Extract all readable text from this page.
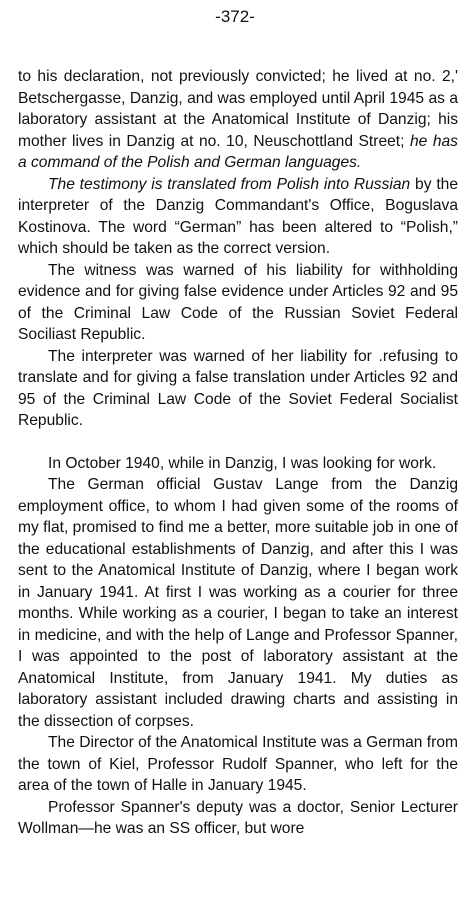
-372-

to his declaration, not previously convicted; he lived at no. 2,' Betschergasse, Danzig, and was employed until April 1945 as a laboratory assistant at the Anatomical Institute of Danzig; his mother lives in Danzig at no. 10, Neuschottland Street; he has a command of the Polish and German languages.

The testimony is translated from Polish into Russian by the interpreter of the Danzig Commandant's Office, Boguslava Kostinova. The word “German” has been altered to “Polish,” which should be taken as the correct version.

The witness was warned of his liability for withholding evidence and for giving false evidence under Articles 92 and 95 of the Criminal Law Code of the Russian Soviet Federal Sociliast Republic.

The interpreter was warned of her liability for .refusing to translate and for giving a false translation under Articles 92 and 95 of the Criminal Law Code of the Soviet Federal Socialist Republic.

In October 1940, while in Danzig, I was looking for work.

The German official Gustav Lange from the Danzig employment office, to whom I had given some of the rooms of my flat, promised to find me a better, more suitable job in one of the educational establishments of Danzig, and after this I was sent to the Anatomical Institute of Danzig, where I began work in January 1941. At first I was working as a courier for three months. While working as a courier, I began to take an interest in medicine, and with the help of Lange and Professor Spanner, I was appointed to the post of laboratory assistant at the Anatomical Institute, from January 1941. My duties as laboratory assistant included drawing charts and assisting in the dissection of corpses.

The Director of the Anatomical Institute was a German from the town of Kiel, Professor Rudolf Spanner, who left for the area of the town of Halle in January 1945.

Professor Spanner's deputy was a doctor, Senior Lecturer Wollman—he was an SS officer, but wore
